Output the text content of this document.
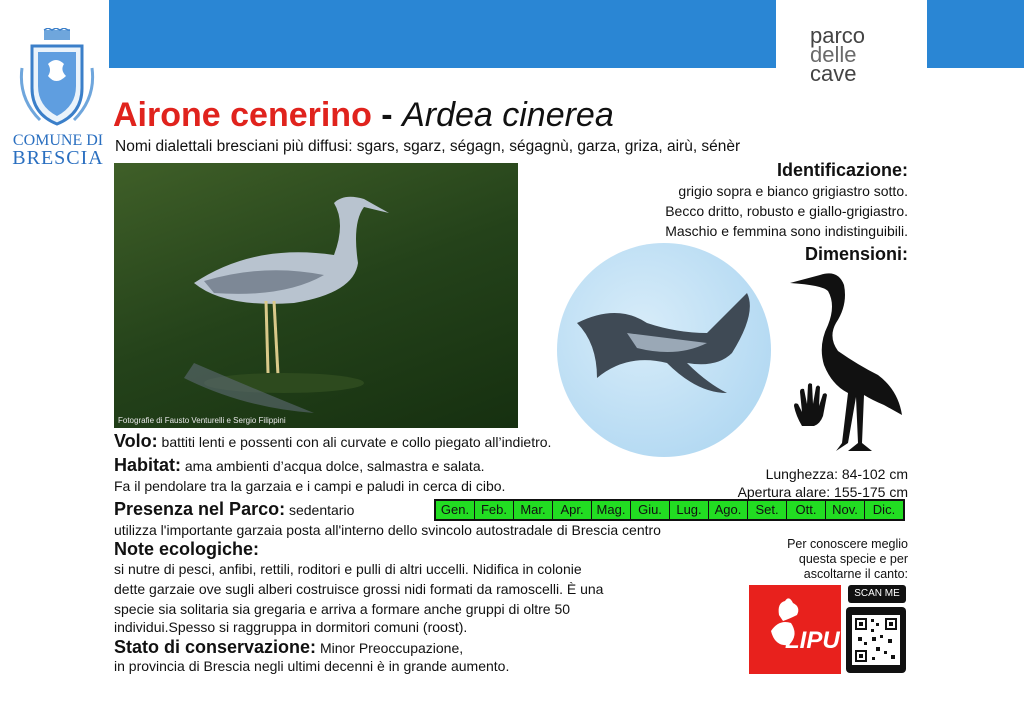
COMUNE DI
BRESCIA
parco
delle
cave
Airone cenerino - Ardea cinerea
Nomi dialettali bresciani più diffusi: sgars, sgarz, ségagn, ségagnù, garza, griza, airù, sénèr
Fotografie di Fausto Venturelli e Sergio Filippini
Identificazione:
grigio sopra e bianco grigiastro sotto.
Becco dritto, robusto e giallo-grigiastro.
Maschio e femmina sono indistinguibili.
Dimensioni:
Lunghezza: 84-102 cm
Apertura alare: 155-175 cm
Volo: battiti lenti e possenti con ali curvate e collo piegato all’indietro.
Habitat: ama ambienti d’acqua dolce, salmastra e salata.
Fa il pendolare tra la garzaia e i campi e paludi in cerca di cibo.
Presenza nel Parco: sedentario	Gen. Feb.	Mar.	Apr. Mag. Giu.	Lug. Ago.	Set.	Ott.	Nov.	Dic.
utilizza l'importante garzaia posta all'interno dello svincolo autostradale di Brescia centro
Note ecologiche:
si nutre di pesci, anfibi, rettili, roditori e pulli di altri uccelli. Nidifica in colonie
dette garzaie ove sugli alberi costruisce grossi nidi formati da ramoscelli. È una
specie sia solitaria sia gregaria e arriva a formare anche gruppi di oltre 50
individui.Spesso si raggruppa in dormitori comuni (roost).
Stato di conservazione: Minor Preoccupazione,
in provincia di Brescia negli ultimi decenni è in grande aumento.
Per conoscere meglio
questa specie e per
ascoltarne il canto:
LIPU
SCAN ME
